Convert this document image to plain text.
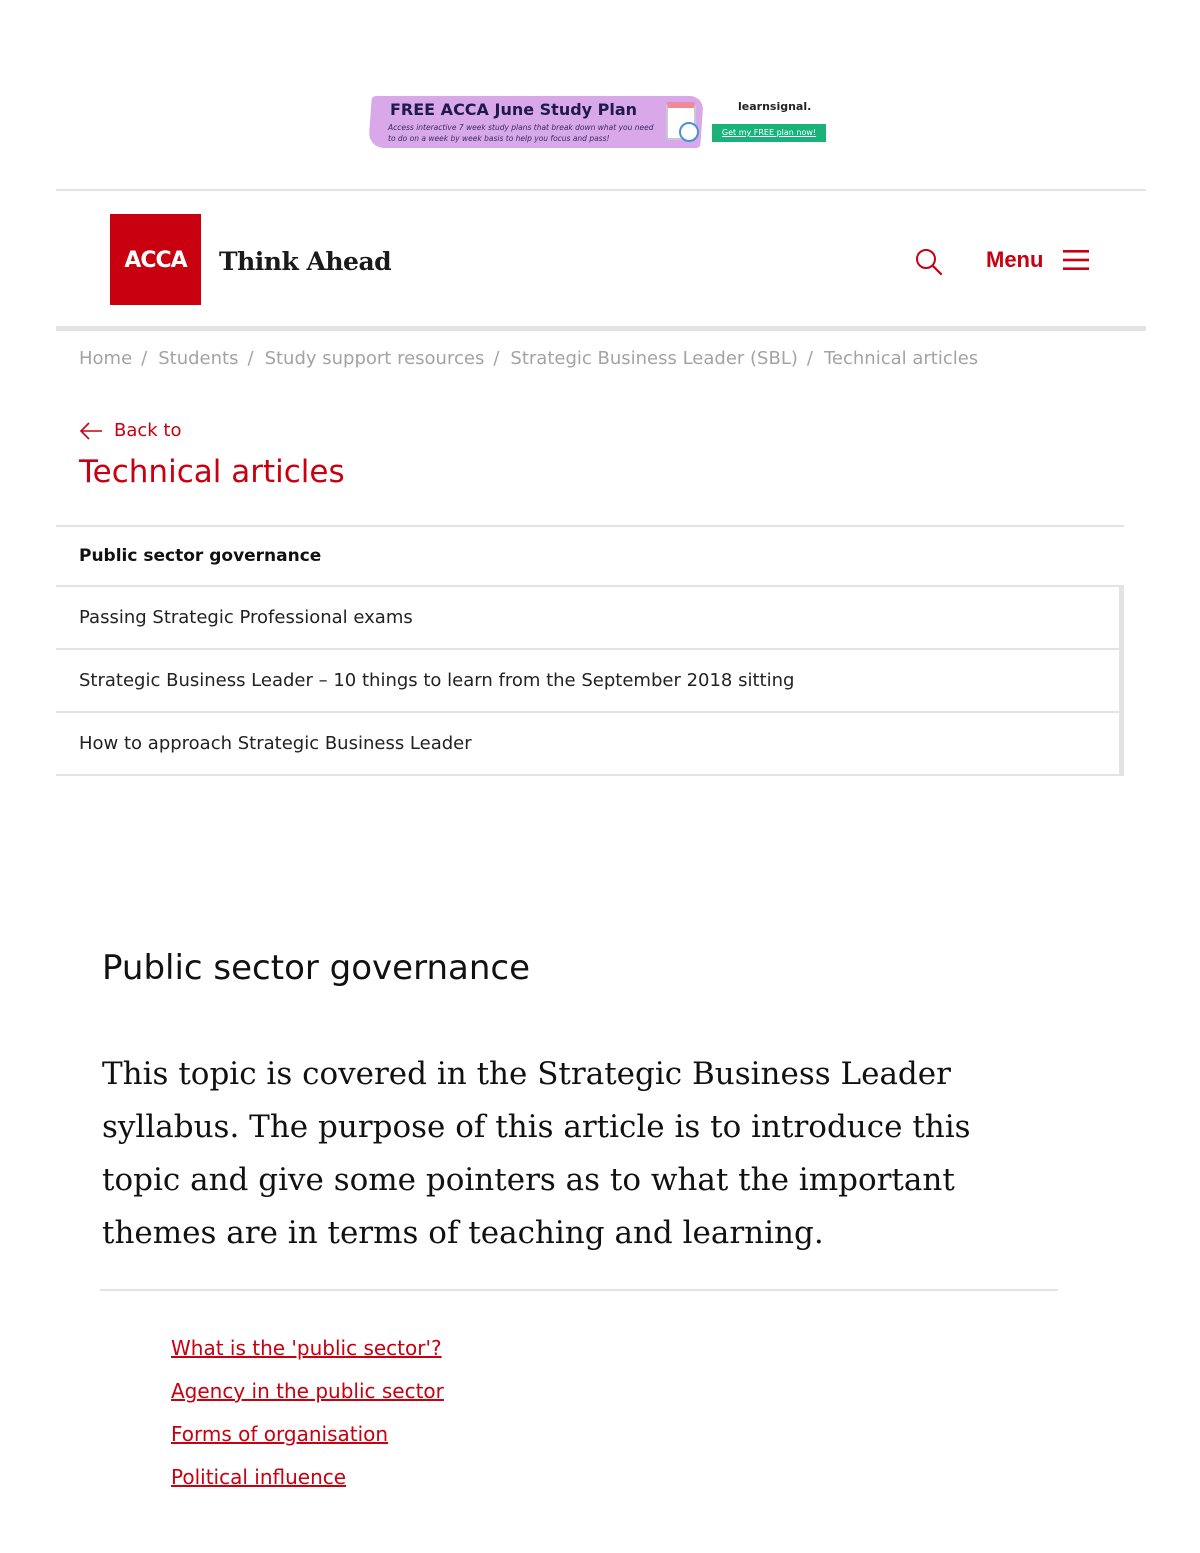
FREE ACCA June Study Plan
Access interactive 7 week study plans that break down what you need to do on a week by week basis to help you focus and pass!
learnsignal.
Get my FREE plan now!
ACCA	Think Ahead	Menu
Home / Students / Study support resources / Strategic Business Leader (SBL) / Technical articles
Back to
Technical articles
Public sector governance
Passing Strategic Professional exams
Strategic Business Leader – 10 things to learn from the September 2018 sitting
How to approach Strategic Business Leader
Public sector governance

This topic is covered in the Strategic Business Leader syllabus. The purpose of this article is to introduce this topic and give some pointers as to what the important themes are in terms of teaching and learning.

What is the 'public sector'?
Agency in the public sector
Forms of organisation
Political influence
